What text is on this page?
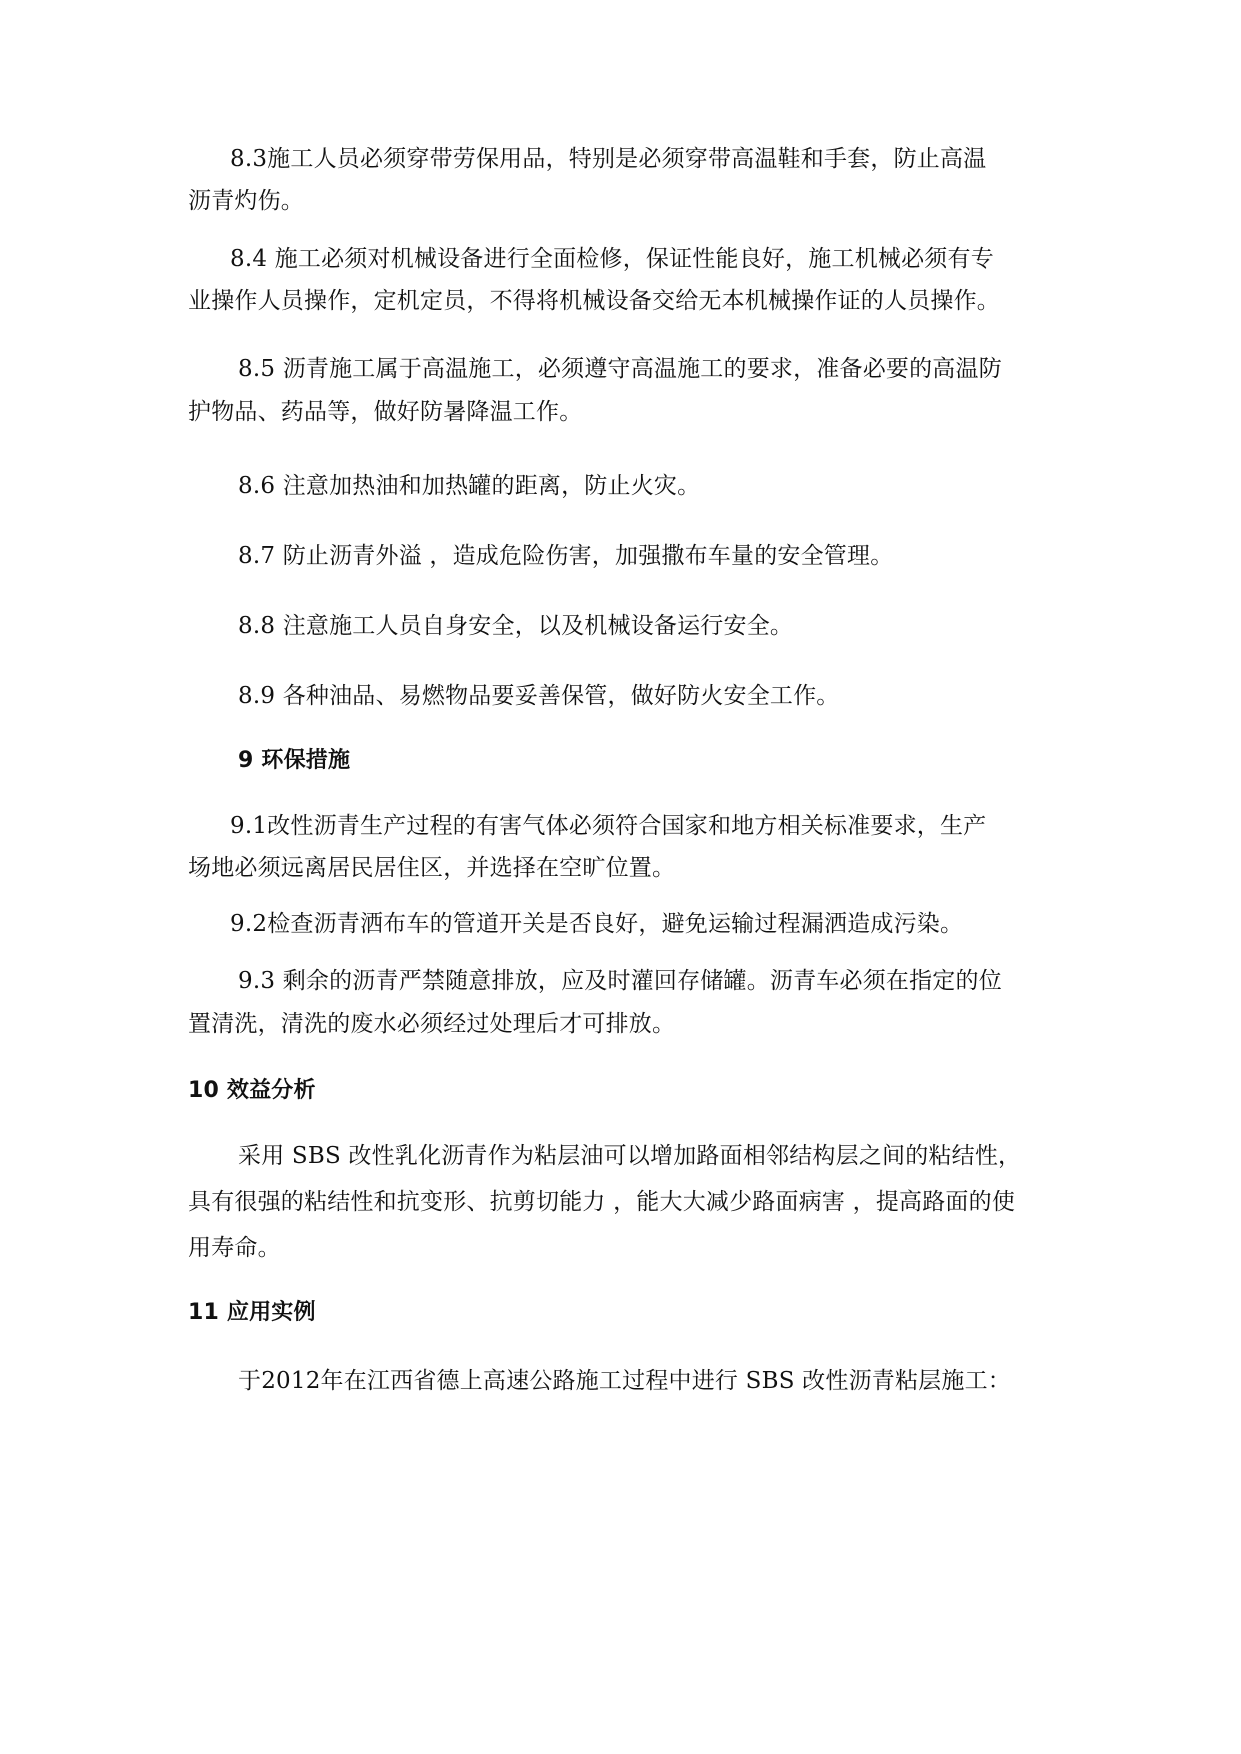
8.3施工人员必须穿带劳保用品，特别是必须穿带高温鞋和手套，防止高温
沥青灼伤。
8.4 施工必须对机械设备进行全面检修，保证性能良好，施工机械必须有专
业操作人员操作，定机定员，不得将机械设备交给无本机械操作证的人员操作。
8.5 沥青施工属于高温施工，必须遵守高温施工的要求，准备必要的高温防
护物品、药品等，做好防暑降温工作。
8.6 注意加热油和加热罐的距离，防止火灾。
8.7 防止沥青外溢 ，造成危险伤害，加强撒布车量的安全管理。
8.8 注意施工人员自身安全，以及机械设备运行安全。
8.9 各种油品、易燃物品要妥善保管，做好防火安全工作。
9 环保措施
9.1改性沥青生产过程的有害气体必须符合国家和地方相关标准要求，生产
场地必须远离居民居住区，并选择在空旷位置。
9.2检查沥青洒布车的管道开关是否良好，避免运输过程漏洒造成污染。
9.3 剩余的沥青严禁随意排放，应及时灌回存储罐。沥青车必须在指定的位
置清洗，清洗的废水必须经过处理后才可排放。
10 效益分析
采用 SBS 改性乳化沥青作为粘层油可以增加路面相邻结构层之间的粘结性，
具有很强的粘结性和抗变形、抗剪切能力 ，能大大减少路面病害 ，提高路面的使
用寿命。
11 应用实例
于2012年在江西省德上高速公路施工过程中进行 SBS 改性沥青粘层施工：
